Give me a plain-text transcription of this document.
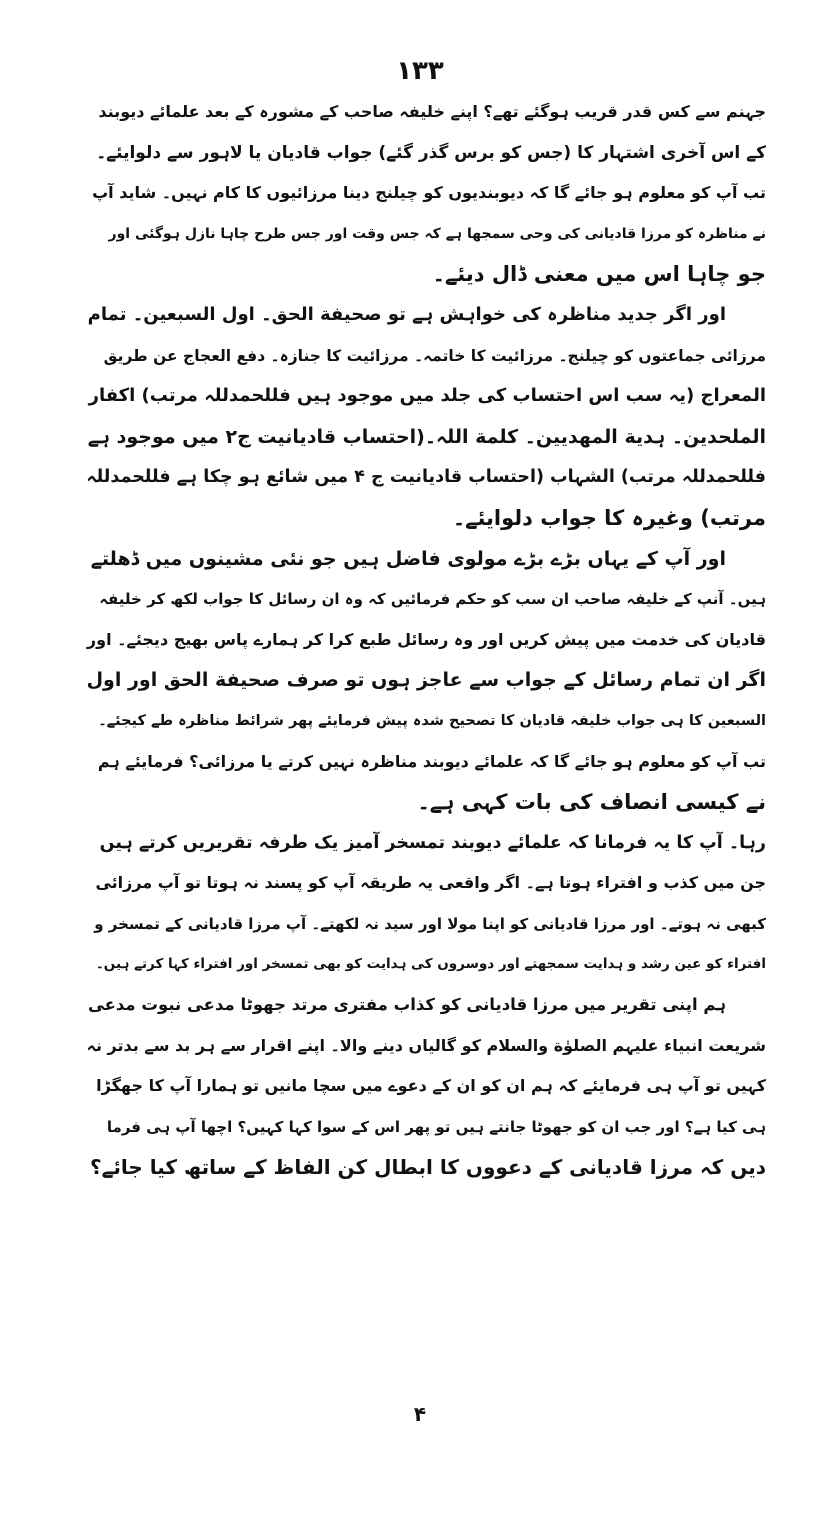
۱۳۳
جہنم سے کس قدر قریب ہوگئے تھے؟ اپنے خلیفہ صاحب کے مشورہ کے بعد علمائے دیوبند
کے اس آخری اشتہار کا (جس کو برس گذر گئے) جواب قادیان یا لاہور سے دلوایئے۔
تب آپ کو معلوم ہو جائے گا کہ دیوبندیوں کو چیلنج دینا مرزائیوں کا کام نہیں۔ شاید آپ
نے مناظرہ کو مرزا قادیانی کی وحی سمجھا ہے کہ جس وقت اور جس طرح چاہا نازل ہوگئی اور
جو چاہا اس میں معنی ڈال دیئے۔
اور اگر جدید مناظرہ کی خواہش ہے تو صحیفة الحق۔ اول السبعین۔ تمام
مرزائی جماعتوں کو چیلنج۔ مرزائیت کا خاتمہ۔ مرزائیت کا جنازہ۔ دفع العجاج عن طریق
المعراج (یہ سب اس احتساب کی جلد میں موجود ہیں فللحمدللہ مرتب) اکفار
الملحدین۔ ہدیة المهدیین۔ کلمة اللہ۔(احتساب قادیانیت ج۲ میں موجود ہے
فللحمدللہ مرتب) الشہاب (احتساب قادیانیت ج ۴ میں شائع ہو چکا ہے فللحمدللہ
مرتب) وغیرہ کا جواب دلوایئے۔
اور آپ کے یہاں بڑے بڑے مولوی فاضل ہیں جو نئی مشینوں میں ڈھلتے
ہیں۔ آنپ کے خلیفہ صاحب ان سب کو حکم فرمائیں کہ وہ ان رسائل کا جواب لکھ کر خلیفہ
قادیان کی خدمت میں پیش کریں اور وہ رسائل طبع کرا کر ہمارے پاس بھیج دیجئے۔ اور
اگر ان تمام رسائل کے جواب سے عاجز ہوں تو صرف صحیفة الحق اور اول
السبعین کا ہی جواب خلیفہ قادیان کا تصحیح شدہ پیش فرمایئے پھر شرائط مناظرہ طے کیجئے۔
تب آپ کو معلوم ہو جائے گا کہ علمائے دیوبند مناظرہ نہیں کرتے یا مرزائی؟ فرمایئے ہم
نے کیسی انصاف کی بات کہی ہے۔
رہا۔ آپ کا یہ فرمانا کہ علمائے دیوبند تمسخر آمیز یک طرفہ تقریریں کرتے ہیں
جن میں کذب و افتراء ہوتا ہے۔ اگر واقعی یہ طریقہ آپ کو پسند نہ ہوتا تو آپ مرزائی
کبھی نہ ہوتے۔ اور مرزا قادیانی کو اپنا مولا اور سید نہ لکھتے۔ آپ مرزا قادیانی کے تمسخر و
افتراء کو عین رشد و ہدایت سمجھتے اور دوسروں کی ہدایت کو بھی تمسخر اور افتراء کہا کرتے ہیں۔
ہم اپنی تقریر میں مرزا قادیانی کو کذاب مفتری مرتد جھوٹا مدعی نبوت مدعی
شریعت انبیاء علیہم الصلوٰة والسلام کو گالیاں دینے والا۔ اپنے اقرار سے ہر بد سے بدتر نہ
کہیں تو آپ ہی فرمایئے کہ ہم ان کو ان کے دعوے میں سچا مانیں تو ہمارا آپ کا جھگڑا
ہی کیا ہے؟ اور جب ان کو جھوٹا جانتے ہیں تو پھر اس کے سوا کہا کہیں؟ اچھا آپ ہی فرما
دیں کہ مرزا قادیانی کے دعووں کا ابطال کن الفاظ کے ساتھ کیا جائے؟
۴
